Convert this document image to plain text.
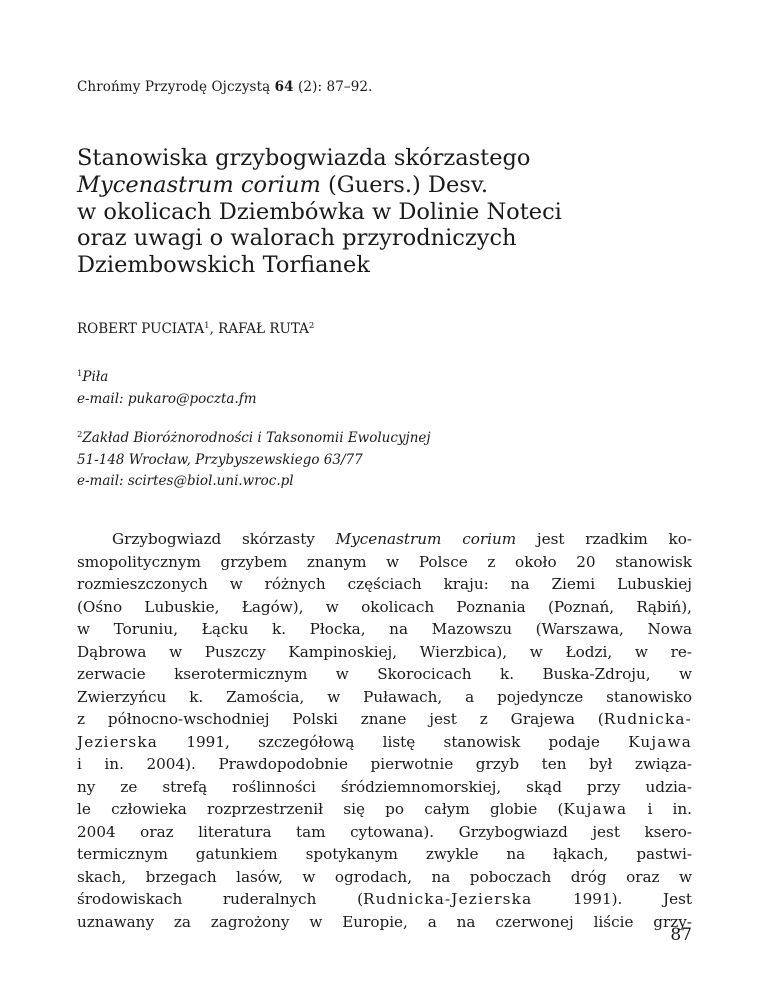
Chrońmy Przyrodę Ojczystą 64 (2): 87–92.
Stanowiska grzybogwiazda skórzastego
Mycenastrum corium (Guers.) Desv.
w okolicach Dziembówka w Dolinie Noteci
oraz uwagi o walorach przyrodniczych
Dziembowskich Torfianek
ROBERT PUCIATA$^1$, RAFAŁ RUTA$^2$
$^1$Piła
e-mail: pukaro@poczta.fm
$^2$Zakład Bioróżnorodności i Taksonomii Ewolucyjnej
51-148 Wrocław, Przybyszewskiego 63/77
e-mail: scirtes@biol.uni.wroc.pl
Grzybogwiazd skórzasty Mycenastrum corium jest rzadkim ko-
smopolitycznym grzybem znanym w Polsce z około 20 stanowisk
rozmieszczonych w różnych częściach kraju: na Ziemi Lubuskiej
(Ośno Lubuskie, Łagów), w okolicach Poznania (Poznań, Rąbiń),
w Toruniu, Łącku k. Płocka, na Mazowszu (Warszawa, Nowa
Dąbrowa w Puszczy Kampinoskiej, Wierzbica), w Łodzi, w re-
zerwacie kserotermicznym w Skorocicach k. Buska-Zdroju, w
Zwierzyńcu k. Zamościa, w Puławach, a pojedyncze stanowisko
z północno-wschodniej Polski znane jest z Grajewa (Rudnicka-
Jezierska 1991, szczegółową listę stanowisk podaje Kujawa
i in. 2004). Prawdopodobnie pierwotnie grzyb ten był związa-
ny ze strefą roślinności śródziemnomorskiej, skąd przy udzia-
le człowieka rozprzestrzenił się po całym globie (Kujawa i in.
2004 oraz literatura tam cytowana). Grzybogwiazd jest ksero-
termicznym gatunkiem spotykanym zwykle na łąkach, pastwi-
skach, brzegach lasów, w ogrodach, na poboczach dróg oraz w
środowiskach ruderalnych (Rudnicka-Jezierska 1991). Jest
uznawany za zagrożony w Europie, a na czerwonej liście grzy-
87
